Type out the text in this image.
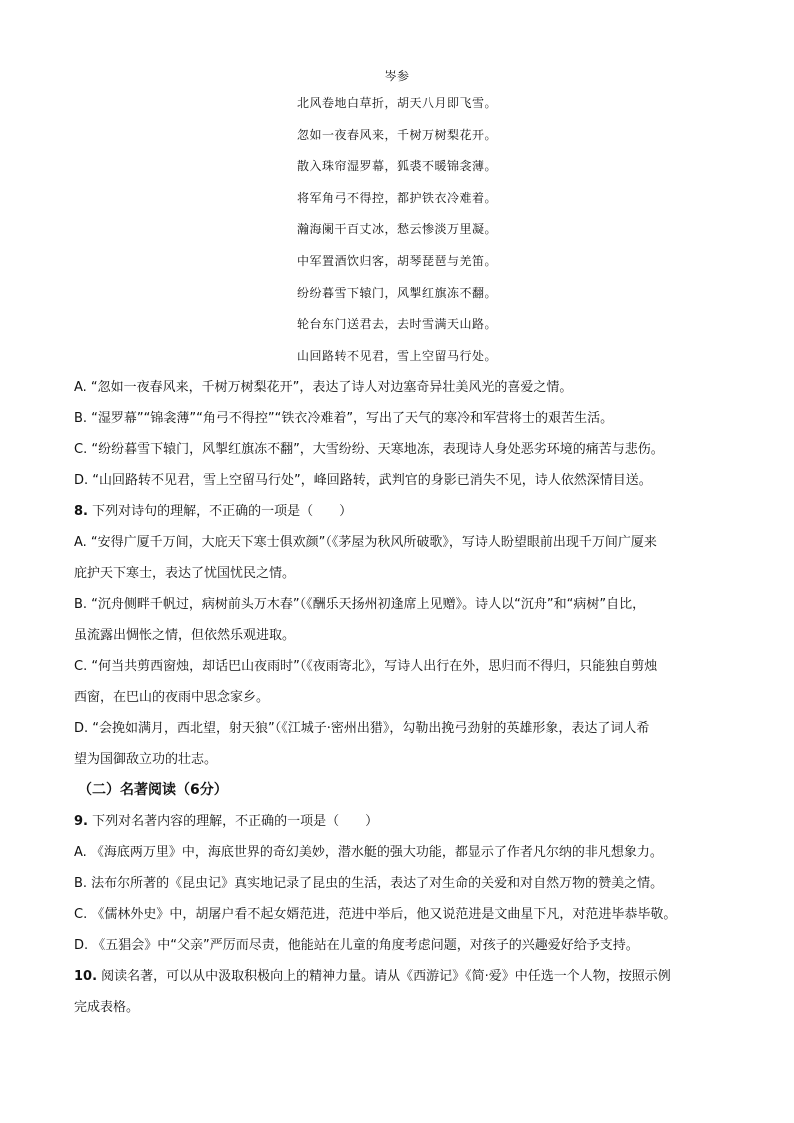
岑参
北风卷地白草折，胡天八月即飞雪。
忽如一夜春风来，千树万树梨花开。
散入珠帘湿罗幕，狐裘不暖锦衾薄。
将军角弓不得控，都护铁衣冷难着。
瀚海阑干百丈冰，愁云惨淡万里凝。
中军置酒饮归客，胡琴琵琶与羌笛。
纷纷暮雪下辕门，风掣红旗冻不翻。
轮台东门送君去，去时雪满天山路。
山回路转不见君，雪上空留马行处。
A. “忽如一夜春风来，千树万树梨花开”，表达了诗人对边塞奇异壮美风光的喜爱之情。
B. “湿罗幕”“锦衾薄”“角弓不得控”“铁衣冷难着”，写出了天气的寒冷和军营将士的艰苦生活。
C. “纷纷暮雪下辕门，风掣红旗冻不翻”，大雪纷纷、天寒地冻，表现诗人身处恶劣环境的痛苦与悲伤。
D. “山回路转不见君，雪上空留马行处”，峰回路转，武判官的身影已消失不见，诗人依然深情目送。
8. 下列对诗句的理解，不正确的一项是（　　）
A. “安得广厦千万间，大庇天下寒士俱欢颜”（《茅屋为秋风所破歌》，写诗人盼望眼前出现千万间广厦来
庇护天下寒士，表达了忧国忧民之情。
B. “沉舟侧畔千帆过，病树前头万木春”（《酬乐天扬州初逢席上见赠》。诗人以“沉舟”和“病树”自比，
虽流露出惆怅之情，但依然乐观进取。
C. “何当共剪西窗烛，却话巴山夜雨时”（《夜雨寄北》，写诗人出行在外，思归而不得归，只能独自剪烛
西窗，在巴山的夜雨中思念家乡。
D. “会挽如满月，西北望，射天狼”（《江城子·密州出猎》，勾勒出挽弓劲射的英雄形象，表达了词人希
望为国御敌立功的壮志。
（二）名著阅读（6分）
9. 下列对名著内容的理解，不正确的一项是（　　）
A. 《海底两万里》中，海底世界的奇幻美妙，潜水艇的强大功能，都显示了作者凡尔纳的非凡想象力。
B. 法布尔所著的《昆虫记》真实地记录了昆虫的生活，表达了对生命的关爱和对自然万物的赞美之情。
C. 《儒林外史》中，胡屠户看不起女婿范进，范进中举后，他又说范进是文曲星下凡，对范进毕恭毕敬。
D. 《五猖会》中“父亲”严厉而尽责，他能站在儿童的角度考虑问题，对孩子的兴趣爱好给予支持。
10. 阅读名著，可以从中汲取积极向上的精神力量。请从《西游记》《简·爱》中任选一个人物，按照示例
完成表格。
